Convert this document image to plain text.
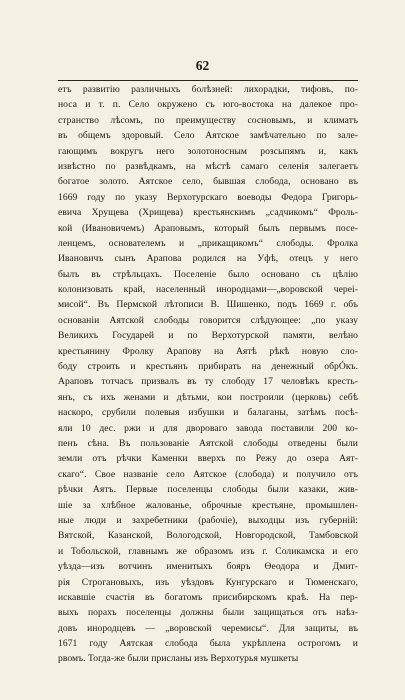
62
етъ развитію различныхъ болѣзней: лихорадки, тифовъ, по-
носа и т. п. Село окружено съ юго-востока на далекое про-
странство лѣсомъ, по преимуществу сосновымъ, и климатъ
въ общемъ здоровый. Село Аятское замѣчательно по зале-
гающимъ вокругъ него золотоносным розсыпямъ и, какъ
извѣстно по развѣдкамъ, на мѣстѣ самаго селенія залегаетъ
богатое золото. Аятское село, бывшая слобода, основано въ
1669 году по указу Верхотурскаго воеводы Федора Григорь-
евича Хрущева (Хрищева) крестьянскимъ „садчикомъ“ Фроль-
кой (Ивановичемъ) Араповымъ, который былъ первымъ посе-
ленцемъ, основателемъ и „прикащикомъ“ слободы. Фролка
Ивановичъ сынъ Арапова родился на Уфѣ, отецъ у него
былъ въ стрѣльцахъ. Поселеніе было основано съ цѣлію
колонизовать край, населенный инородцами—„воровской череі-
мисой“. Въ Пермской лѣтописи В. Шишенко, подъ 1669 г. объ
основаніи Аятской слободы говорится слѣдующее: „по указу
Великихъ Государей и по Верхотурской памяти, велѣно
крестьянину Фролку Арапову на Аятѣ рѣкѣ новую сло-
боду строить и крестьянъ прибирать на денежный обрÓкъ.
Араповъ тотчасъ призвалъ въ ту слободу 17 человѣкъ кресть-
янъ, съ ихъ женами и дѣтьми, кои построили (церковь) себѣ
наскоро, срубили полевыя избушки и балаганы, затѣмъ посѣ-
яли 10 дес. ржи и для двороваго завода поставили 200 ко-
пенъ сѣна. Въ пользованіе Аятской слободы отведены были
земли отъ рѣчки Каменки вверхъ по Режу до озера Аят-
скаго“. Свое названіе село Аятское (слобода) и получило отъ
рѣчки Аятъ. Первые поселенцы слободы были казаки, жив-
шіе за хлѣбное жалованье, оброчные крестьяне, промышлен-
ные люди и захребетники (рабочіе), выходцы изъ губерній:
Вятской, Казанской, Вологодской, Новгородской, Тамбовской
и Тобольской, главнымъ же образомъ изъ г. Соликамска и его
уѣзда—изъ вотчинъ именитыхъ бояръ Ѳеодора и Дмит-
рія Строгановыхъ, изъ уѣздовъ Кунгурскаго и Тюменскаго,
искавшіе счастія въ богатомъ присибирскомъ краѣ. На пер-
выхъ порахъ поселенцы должны были защищаться отъ наѣз-
довъ инородцевъ — „воровской черемисы“. Для защиты, въ
1671 году Аятская слобода была укрѣплена острогомъ и
рвомъ. Тогда-же были присланы изъ Верхотурья мушкеты
